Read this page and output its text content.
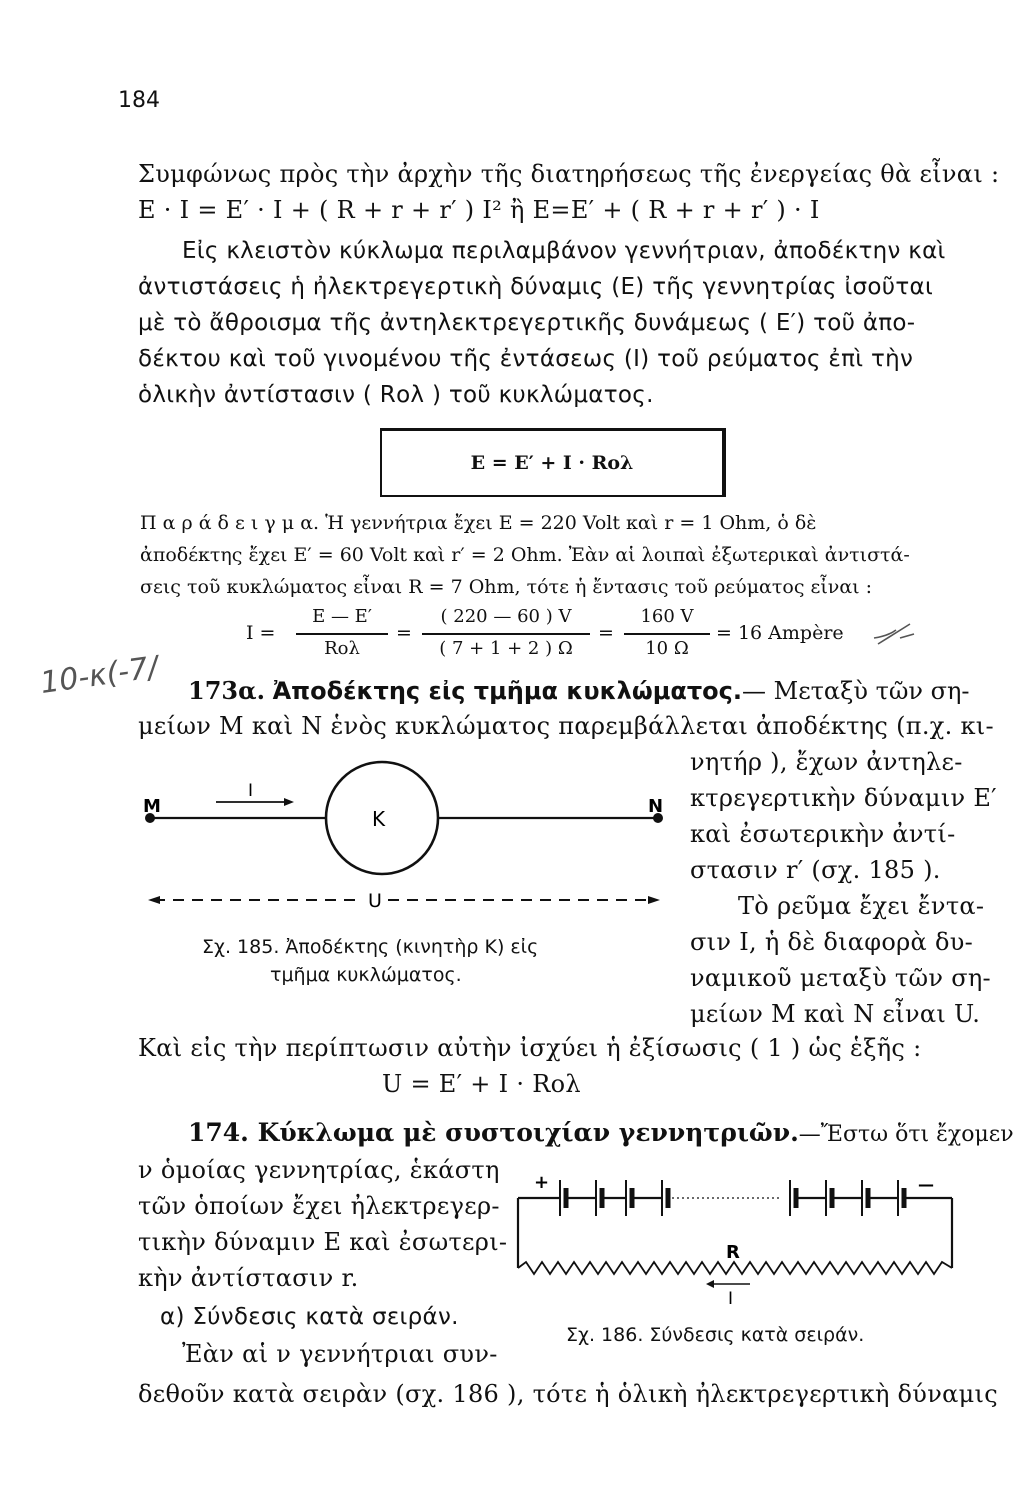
184
Συμφώνως πρὸς τὴν ἀρχὴν τῆς διατηρήσεως τῆς ἐνεργείας θὰ εἶναι :
E · I = E′ · I + ( R + r + r′ ) I² ἢ E=E′ + ( R + r + r′ ) · I
Εἰς κλειστὸν κύκλωμα περιλαμβάνον γεννήτριαν, ἀποδέκτην καὶ
ἀντιστάσεις ἡ ἠλεκτρεγερτικὴ δύναμις (E) τῆς γεννητρίας ἰσοῦται
μὲ τὸ ἄθροισμα τῆς ἀντηλεκτρεγερτικῆς δυνάμεως ( E′) τοῦ ἀπο-
δέκτου καὶ τοῦ γινομένου τῆς ἐντάσεως (I) τοῦ ρεύματος ἐπὶ τὴν
ὁλικὴν ἀντίστασιν ( Rολ ) τοῦ κυκλώματος.
E = E′ + I · Rολ
Π α ρ ά δ ε ι γ μ α. Ἡ γεννήτρια ἔχει E = 220 Volt καὶ r = 1 Ohm, ὁ δὲ
ἀποδέκτης ἔχει E′ = 60 Volt καὶ r′ = 2 Ohm. Ἐὰν αἱ λοιπαὶ ἐξωτερικαὶ ἀντιστά-
σεις τοῦ κυκλώματος εἶναι R = 7 Ohm, τότε ἡ ἔντασις τοῦ ρεύματος εἶναι :
I =
E — E′
Rολ
=
( 220 — 60 ) V
( 7 + 1 + 2 ) Ω
=
160 V
10 Ω
= 16 Ampère
10-κ(-7/ 173α. Ἀποδέκτης εἰς τμῆμα κυκλώματος.— Μεταξὺ τῶν ση-
μείων M καὶ N ἑνὸς κυκλώματος παρεμβάλλεται ἀποδέκτης (π.χ. κι-
νητήρ ), ἔχων ἀντηλε-
κτρεγερτικὴν δύναμιν E′
καὶ ἐσωτερικὴν ἀντί-
στασιν r′ (σχ. 185 ).
Τὸ ρεῦμα ἔχει ἔντα-
σιν I, ἡ δὲ διαφορὰ δυ-
ναμικοῦ μεταξὺ τῶν ση-
μείων M καὶ N εἶναι U.
M	N
I
K
U
Σχ. 185. Ἀποδέκτης (κινητὴρ K) εἰς
τμῆμα κυκλώματος.
Καὶ εἰς τὴν περίπτωσιν αὐτὴν ἰσχύει ἡ ἐξίσωσις ( 1 ) ὡς ἑξῆς :
U = E′ + I · Rολ
174. Κύκλωμα μὲ συστοιχίαν γεννητριῶν.—Ἔστω ὅτι ἔχομεν
ν ὁμοίας γεννητρίας, ἑκάστη
τῶν ὁποίων ἔχει ἠλεκτρεγερ-
τικὴν δύναμιν E καὶ ἐσωτερι-
κὴν ἀντίστασιν r.
α) Σύνδεσις κατὰ σειράν.
Ἐὰν αἱ ν γεννήτριαι συν-
δεθοῦν κατὰ σειρὰν (σχ. 186 ), τότε ἡ ὁλικὴ ἠλεκτρεγερτικὴ δύναμις
+	—
R
I
Σχ. 186. Σύνδεσις κατὰ σειράν.
